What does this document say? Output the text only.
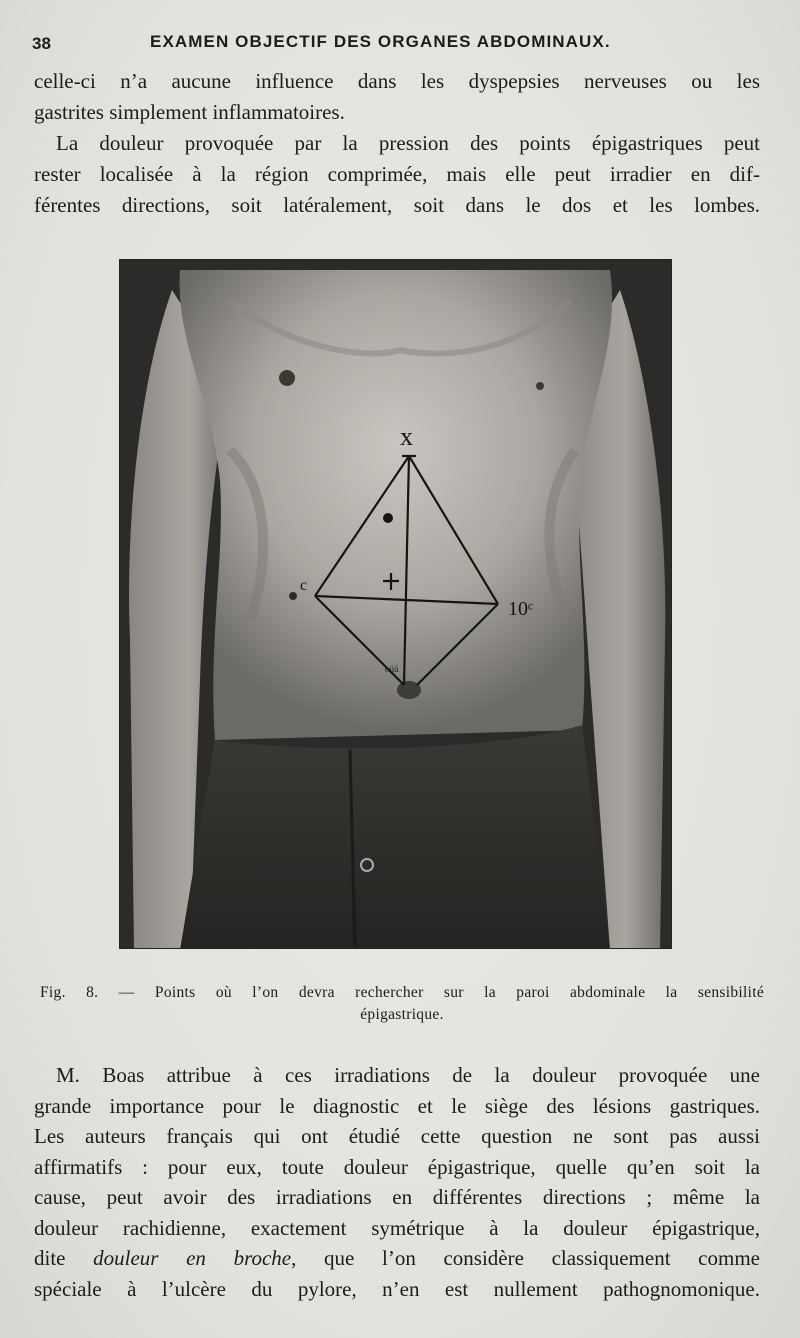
38	EXAMEN OBJECTIF DES ORGANES ABDOMINAUX.

celle-ci n’a aucune influence dans les dyspepsies nerveuses ou les

gastrites simplement inflammatoires.

La douleur provoquée par la pression des points épigastriques peut

rester localisée à la région comprimée, mais elle peut irradier en dif-

férentes directions, soit latéralement, soit dans le dos et les lombes.

x
c
10ᶜ
oüü
Fig. 8. — Points où l’on devra rechercher sur la paroi abdominale la sensibilité
épigastrique.

M. Boas attribue à ces irradiations de la douleur provoquée une

grande importance pour le diagnostic et le siège des lésions gastriques.

Les auteurs français qui ont étudié cette question ne sont pas aussi

affirmatifs : pour eux, toute douleur épigastrique, quelle qu’en soit la

cause, peut avoir des irradiations en différentes directions ; même la

douleur rachidienne, exactement symétrique à la douleur épigastrique,

dite douleur en broche, que l’on considère classiquement comme

spéciale à l’ulcère du pylore, n’en est nullement pathognomonique.
